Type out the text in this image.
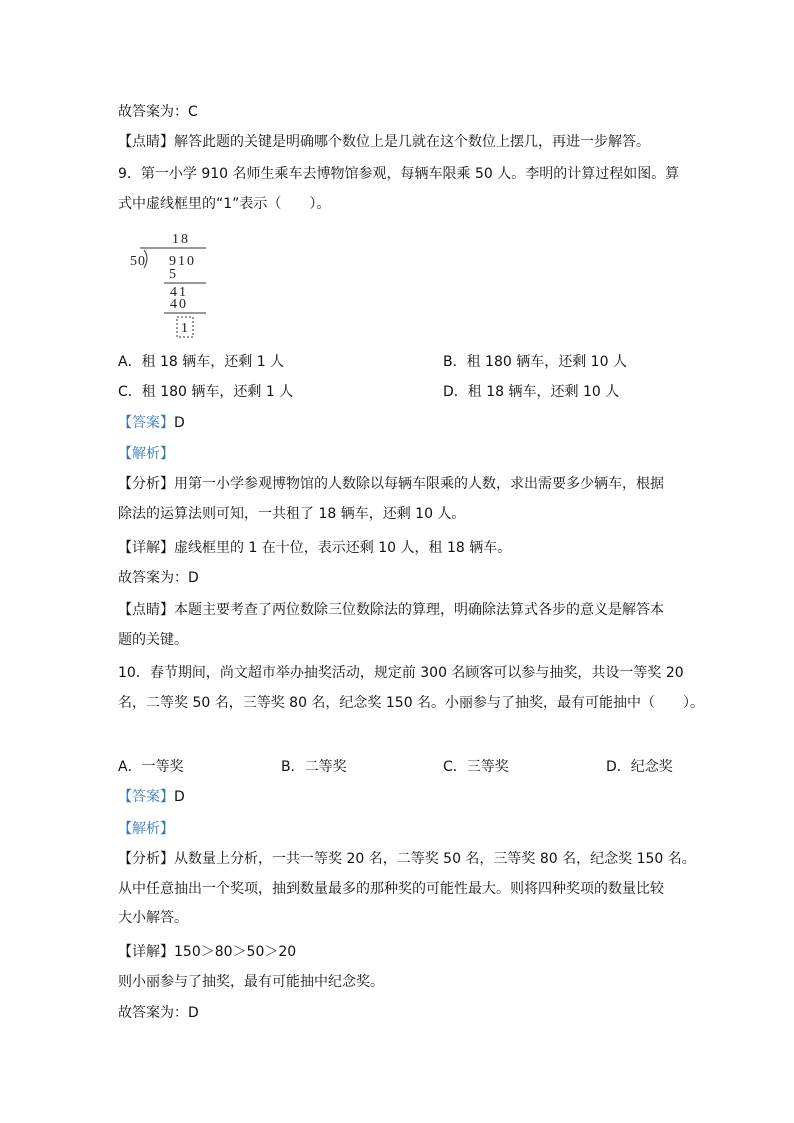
故答案为：C
【点睛】解答此题的关键是明确哪个数位上是几就在这个数位上摆几，再进一步解答。
9．第一小学 910 名师生乘车去博物馆参观，每辆车限乘 50 人。李明的计算过程如图。算
式中虚线框里的“1”表示（　　）。
18
50 910
5
41
40
1
A．租 18 辆车，还剩 1 人	B．租 180 辆车，还剩 10 人
C．租 180 辆车，还剩 1 人	D．租 18 辆车，还剩 10 人
【答案】D
【解析】
【分析】用第一小学参观博物馆的人数除以每辆车限乘的人数，求出需要多少辆车，根据
除法的运算法则可知，一共租了 18 辆车，还剩 10 人。
【详解】虚线框里的 1 在十位，表示还剩 10 人，租 18 辆车。
故答案为：D
【点睛】本题主要考查了两位数除三位数除法的算理，明确除法算式各步的意义是解答本
题的关键。
10．春节期间，尚文超市举办抽奖活动，规定前 300 名顾客可以参与抽奖，共设一等奖 20
名，二等奖 50 名，三等奖 80 名，纪念奖 150 名。小丽参与了抽奖，最有可能抽中（　　）。
A．一等奖	B．二等奖	C．三等奖	D．纪念奖
【答案】D
【解析】
【分析】从数量上分析，一共一等奖 20 名，二等奖 50 名，三等奖 80 名，纪念奖 150 名。
从中任意抽出一个奖项，抽到数量最多的那种奖的可能性最大。则将四种奖项的数量比较
大小解答。
【详解】150＞80＞50＞20
则小丽参与了抽奖，最有可能抽中纪念奖。
故答案为：D
